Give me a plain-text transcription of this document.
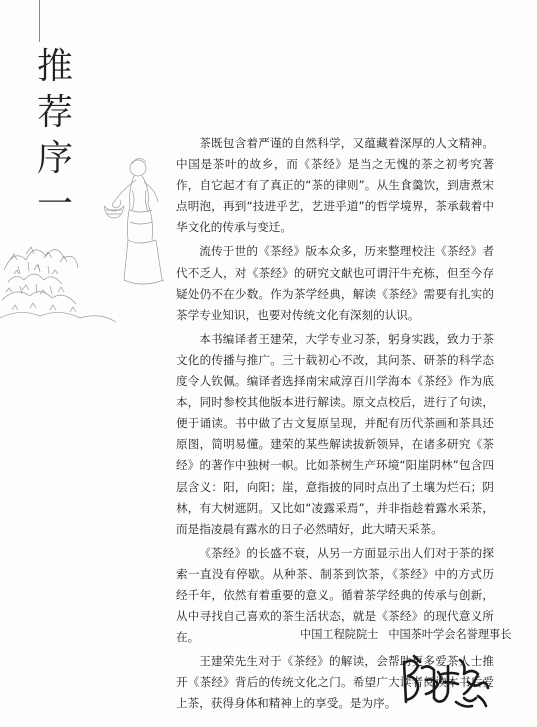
推
荐
序
一

茶既包含着严谨的自然科学，又蕴藏着深厚的人文精神。中国是茶叶的故乡，而《茶经》是当之无愧的茶之初考究著作，自它起才有了真正的“茶的律则”。从生食羹饮，到唐煮宋点明泡，再到“技进乎艺，艺进乎道”的哲学境界，茶承载着中华文化的传承与变迁。

流传于世的《茶经》版本众多，历来整理校注《茶经》者代不乏人，对《茶经》的研究文献也可谓汗牛充栋，但至今存疑处仍不在少数。作为茶学经典，解读《茶经》需要有扎实的茶学专业知识，也要对传统文化有深刻的认识。

本书编译者王建荣，大学专业习茶，躬身实践，致力于茶文化的传播与推广。三十载初心不改，其问茶、研茶的科学态度令人钦佩。编译者选择南宋咸淳百川学海本《茶经》作为底本，同时参校其他版本进行解读。原文点校后，进行了句读，便于诵读。书中做了古文复原呈现，并配有历代茶画和茶具还原图，简明易懂。建荣的某些解读拔新领异，在诸多研究《茶经》的著作中独树一帜。比如茶树生产环境“阳崖阴林”包含四层含义：阳，向阳；崖，意指披的同时点出了土壤为烂石；阴林，有大树遮阴。又比如“凌露采焉”，并非指趁着露水采茶，而是指凌晨有露水的日子必然晴好，此大晴天采茶。

《茶经》的长盛不衰，从另一方面显示出人们对于茶的探索一直没有停歇。从种茶、制茶到饮茶，《茶经》中的方式历经千年，依然有着重要的意义。循着茶学经典的传承与创新，从中寻找自己喜欢的茶生活状态，就是《茶经》的现代意义所在。

王建荣先生对于《茶经》的解读，会帮助更多爱茶人士推开《茶经》背后的传统文化之门。希望广大读者阅读本书后爱上茶，获得身体和精神上的享受。是为序。

中国工程院院士 中国茶叶学会名誉理事长
